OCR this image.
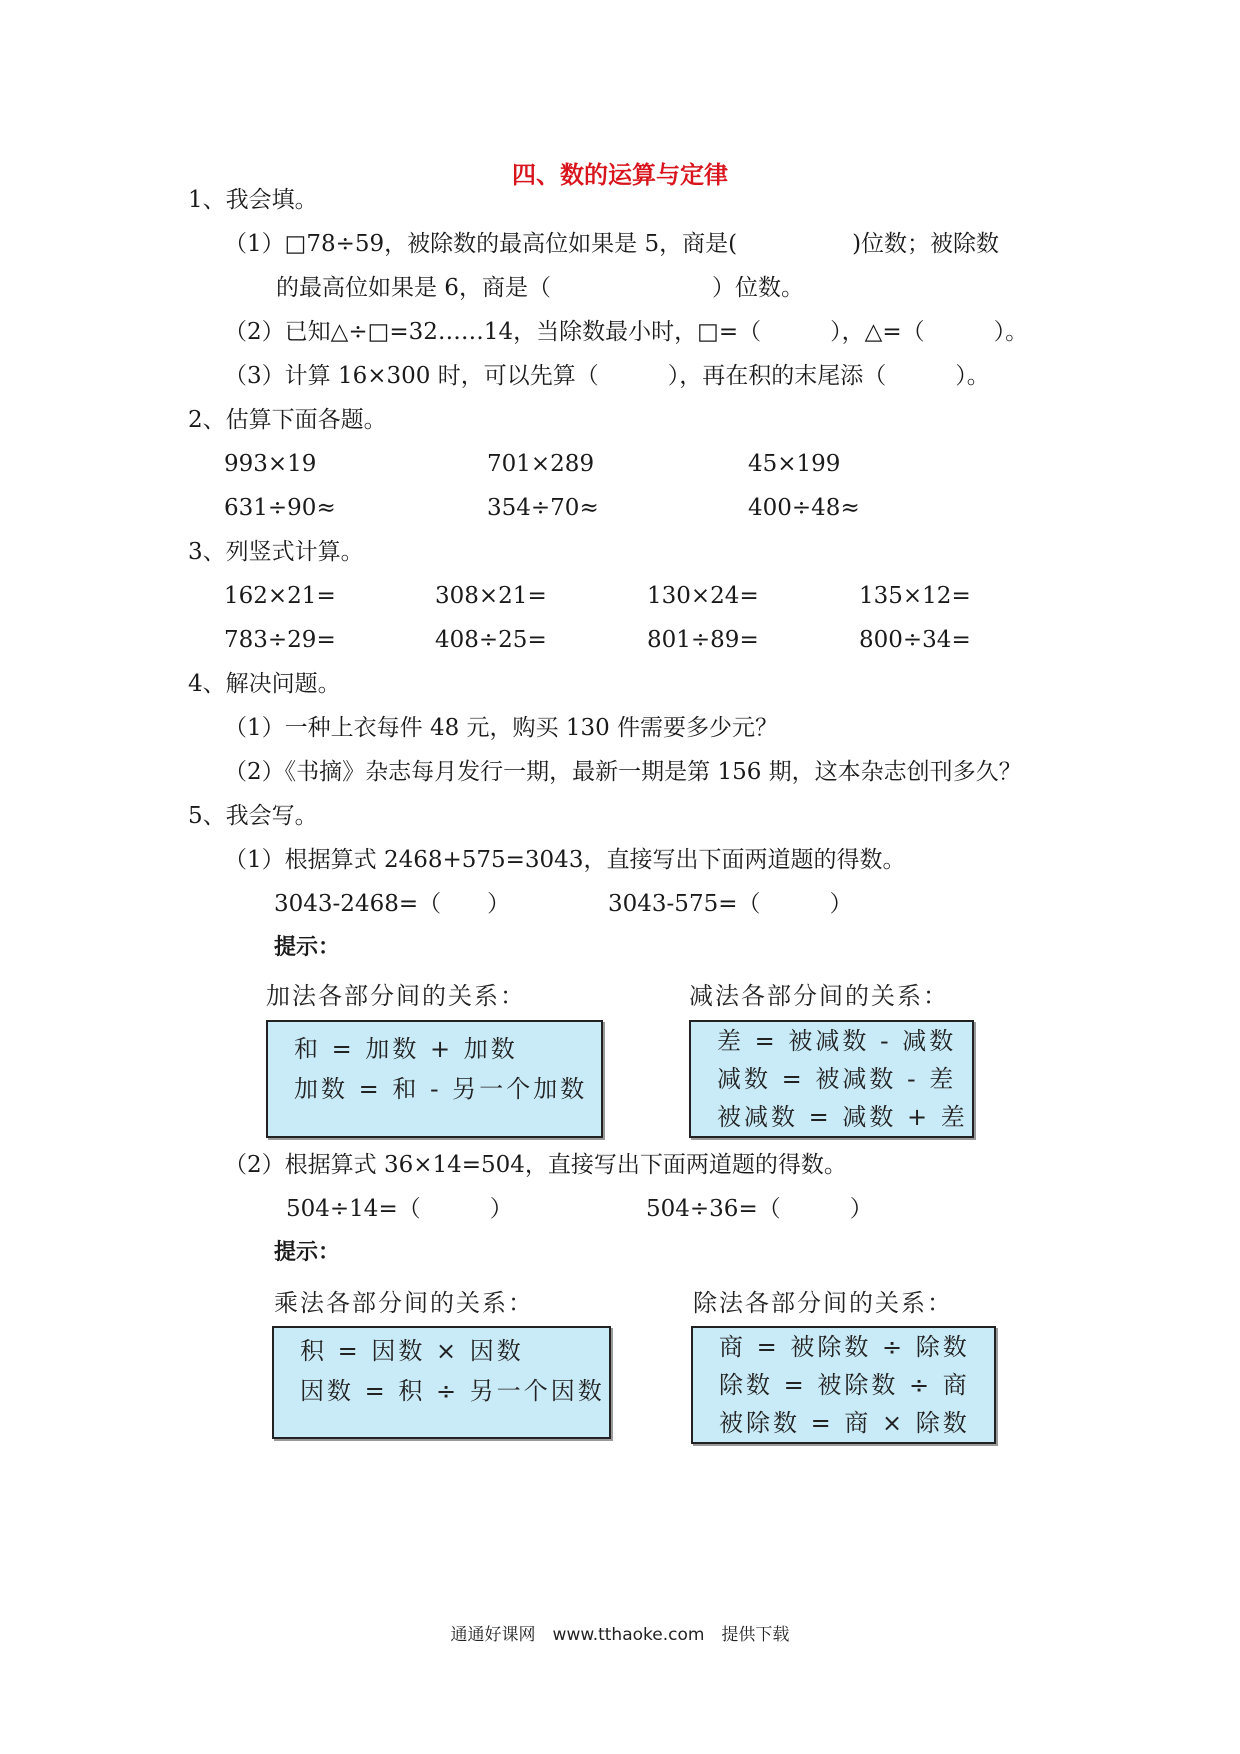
四、数的运算与定律
1、我会填。
（1）□78÷59，被除数的最高位如果是 5，商是(　　　　　)位数；被除数
的最高位如果是 6，商是（　　　　　　　）位数。
（2）已知△÷□=32……14，当除数最小时，□=（　　　），△=（　　　）。
（3）计算 16×300 时，可以先算（　　　），再在积的末尾添（　　　）。
2、估算下面各题。
993×19	701×289	45×199
631÷90≈	354÷70≈	400÷48≈
3、列竖式计算。
162×21=	308×21=	130×24=	135×12=
783÷29=	408÷25=	801÷89=	800÷34=
4、解决问题。
（1）一种上衣每件 48 元，购买 130 件需要多少元？
（2）《书摘》杂志每月发行一期，最新一期是第 156 期，这本杂志创刊多久？
5、我会写。
（1）根据算式 2468+575=3043，直接写出下面两道题的得数。
3043-2468=（　　）	3043-575=（　　　）
提示：
加法各部分间的关系：
和 = 加数 + 加数
加数 = 和 - 另一个加数
减法各部分间的关系：
差 = 被减数 - 减数
减数 = 被减数 - 差
被减数 = 减数 + 差
（2）根据算式 36×14=504，直接写出下面两道题的得数。
504÷14=（　　　）	504÷36=（　　　）
提示：
乘法各部分间的关系：
积 = 因数 × 因数
因数 = 积 ÷ 另一个因数
除法各部分间的关系：
商 = 被除数 ÷ 除数
除数 = 被除数 ÷ 商
被除数 = 商 × 除数
通通好课网　www.tthaoke.com　提供下载
